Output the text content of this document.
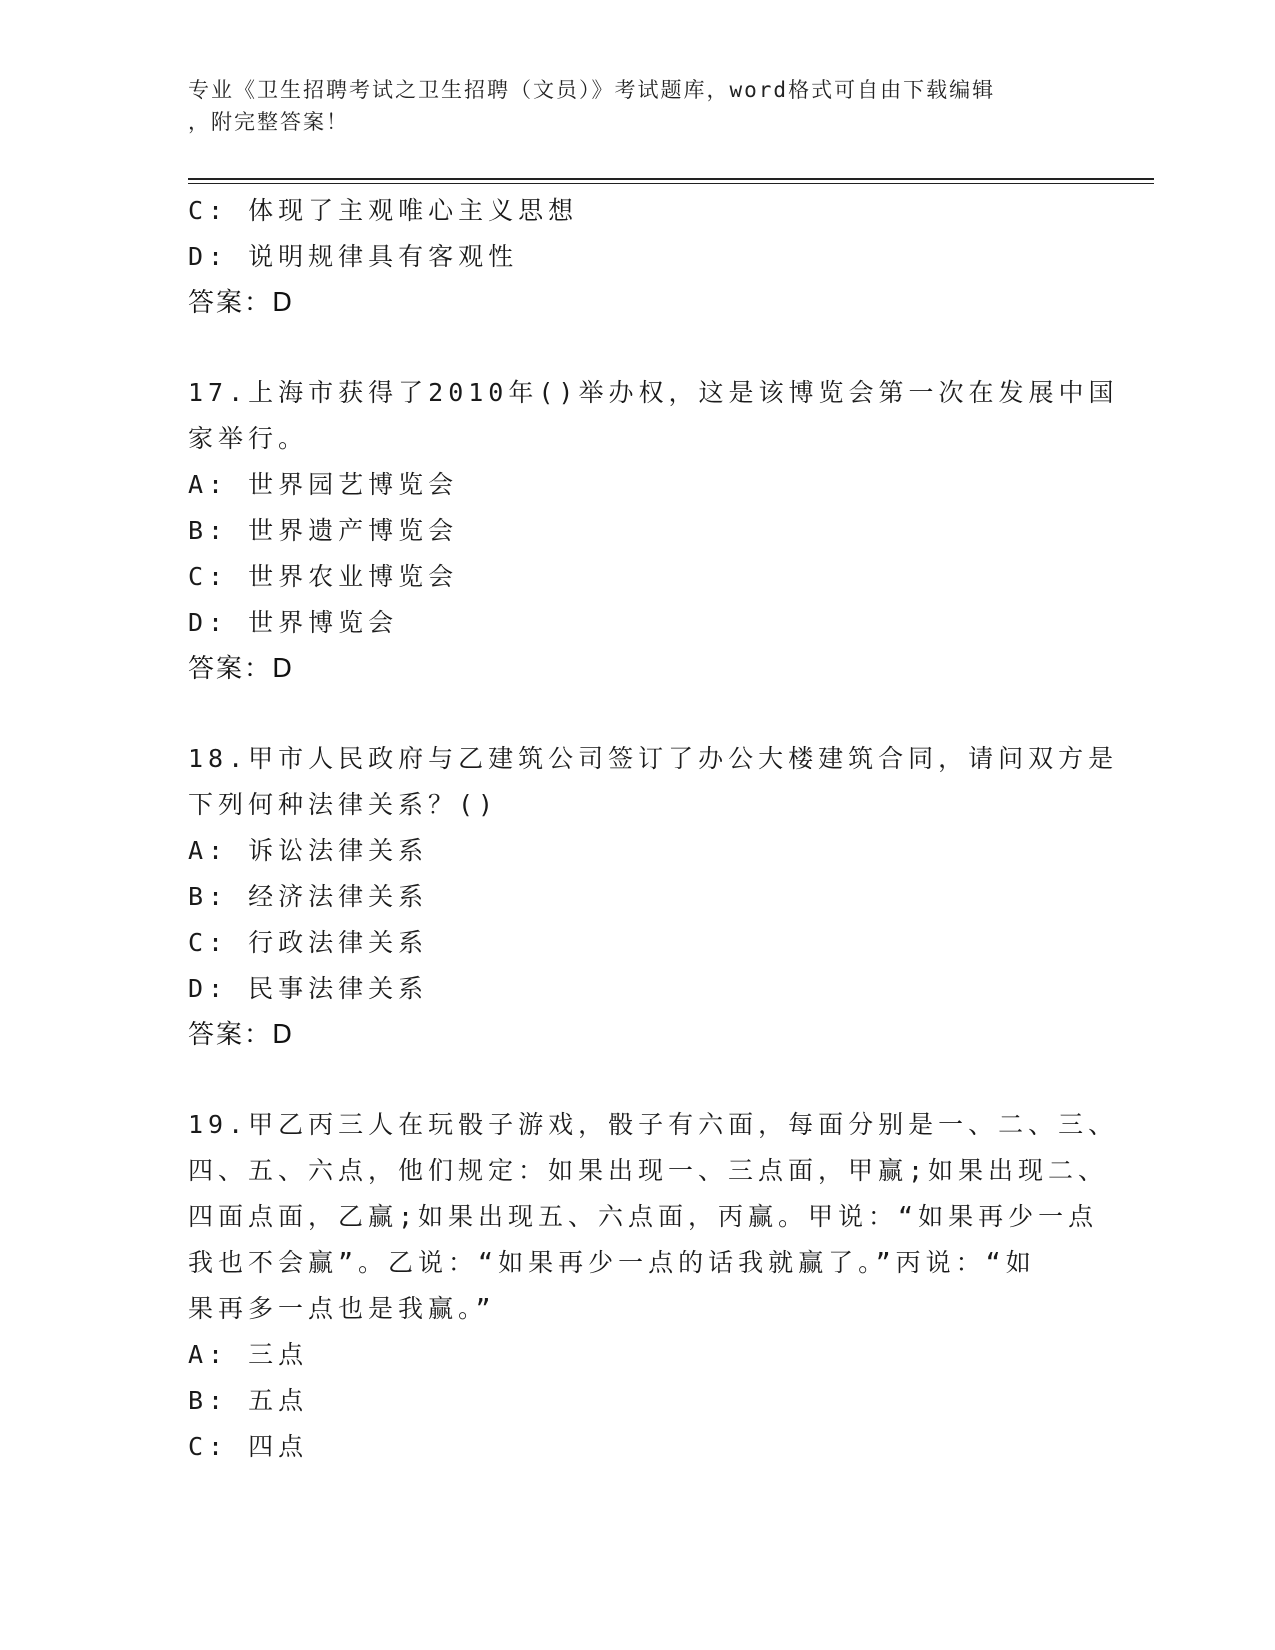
专业《卫生招聘考试之卫生招聘（文员）》考试题库，word格式可自由下载编辑
，附完整答案！
C: 体现了主观唯心主义思想
D: 说明规律具有客观性
答案：D
17.上海市获得了2010年()举办权，这是该博览会第一次在发展中国
家举行。
A: 世界园艺博览会
B: 世界遗产博览会
C: 世界农业博览会
D: 世界博览会
答案：D
18.甲市人民政府与乙建筑公司签订了办公大楼建筑合同，请问双方是
下列何种法律关系？()
A: 诉讼法律关系
B: 经济法律关系
C: 行政法律关系
D: 民事法律关系
答案：D
19.甲乙丙三人在玩骰子游戏，骰子有六面，每面分别是一、二、三、
四、五、六点，他们规定：如果出现一、三点面，甲赢;如果出现二、
四面点面，乙赢;如果出现五、六点面，丙赢。甲说：“如果再少一点
我也不会赢”。乙说：“如果再少一点的话我就赢了。”丙说：“如
果再多一点也是我赢。”
A: 三点
B: 五点
C: 四点
